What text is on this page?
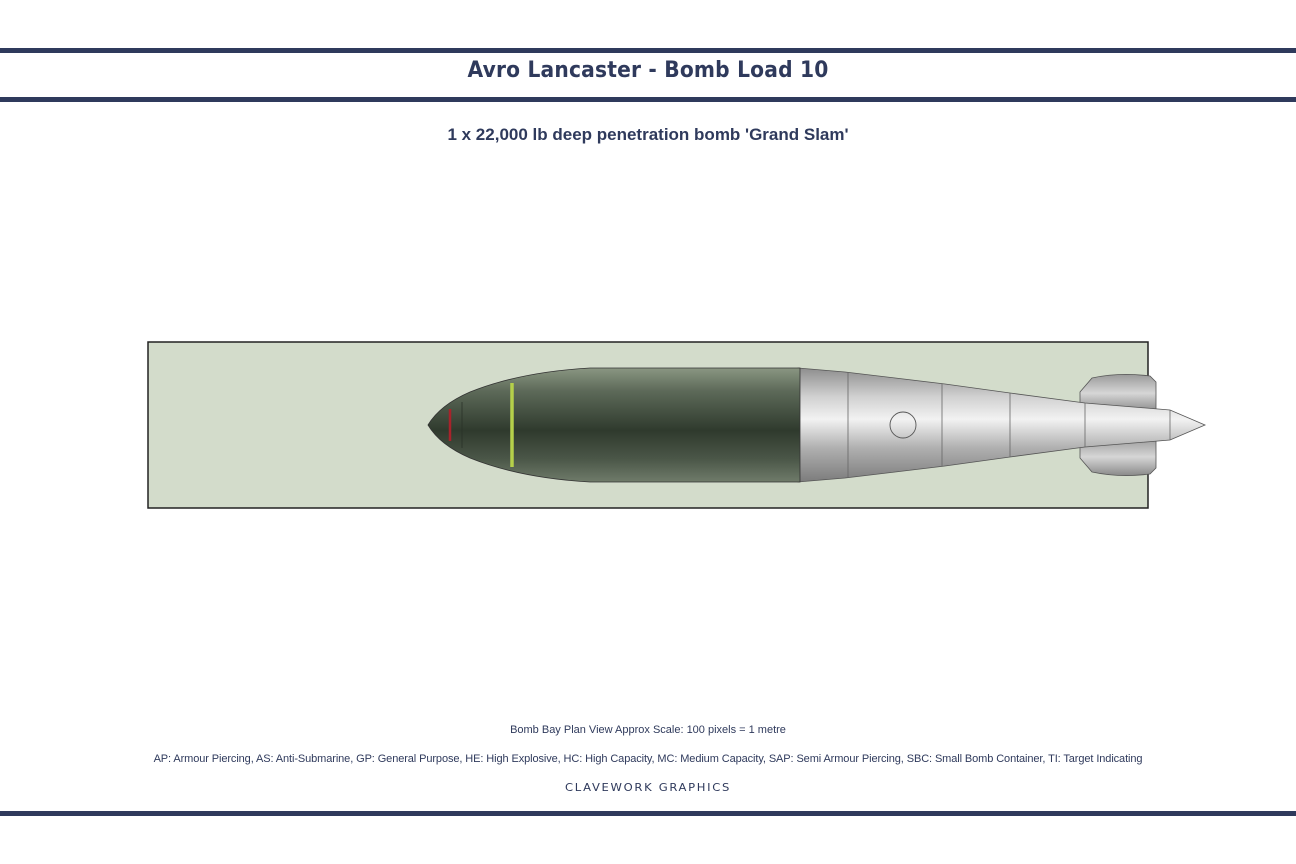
Avro Lancaster - Bomb Load 10
1 x 22,000 lb deep penetration bomb 'Grand Slam'
Bomb Bay Plan View Approx Scale: 100 pixels = 1 metre
AP: Armour Piercing, AS: Anti-Submarine, GP: General Purpose, HE: High Explosive, HC: High Capacity, MC: Medium Capacity, SAP: Semi Armour Piercing, SBC: Small Bomb Container, TI: Target Indicating
CLAVEWORK GRAPHICS
